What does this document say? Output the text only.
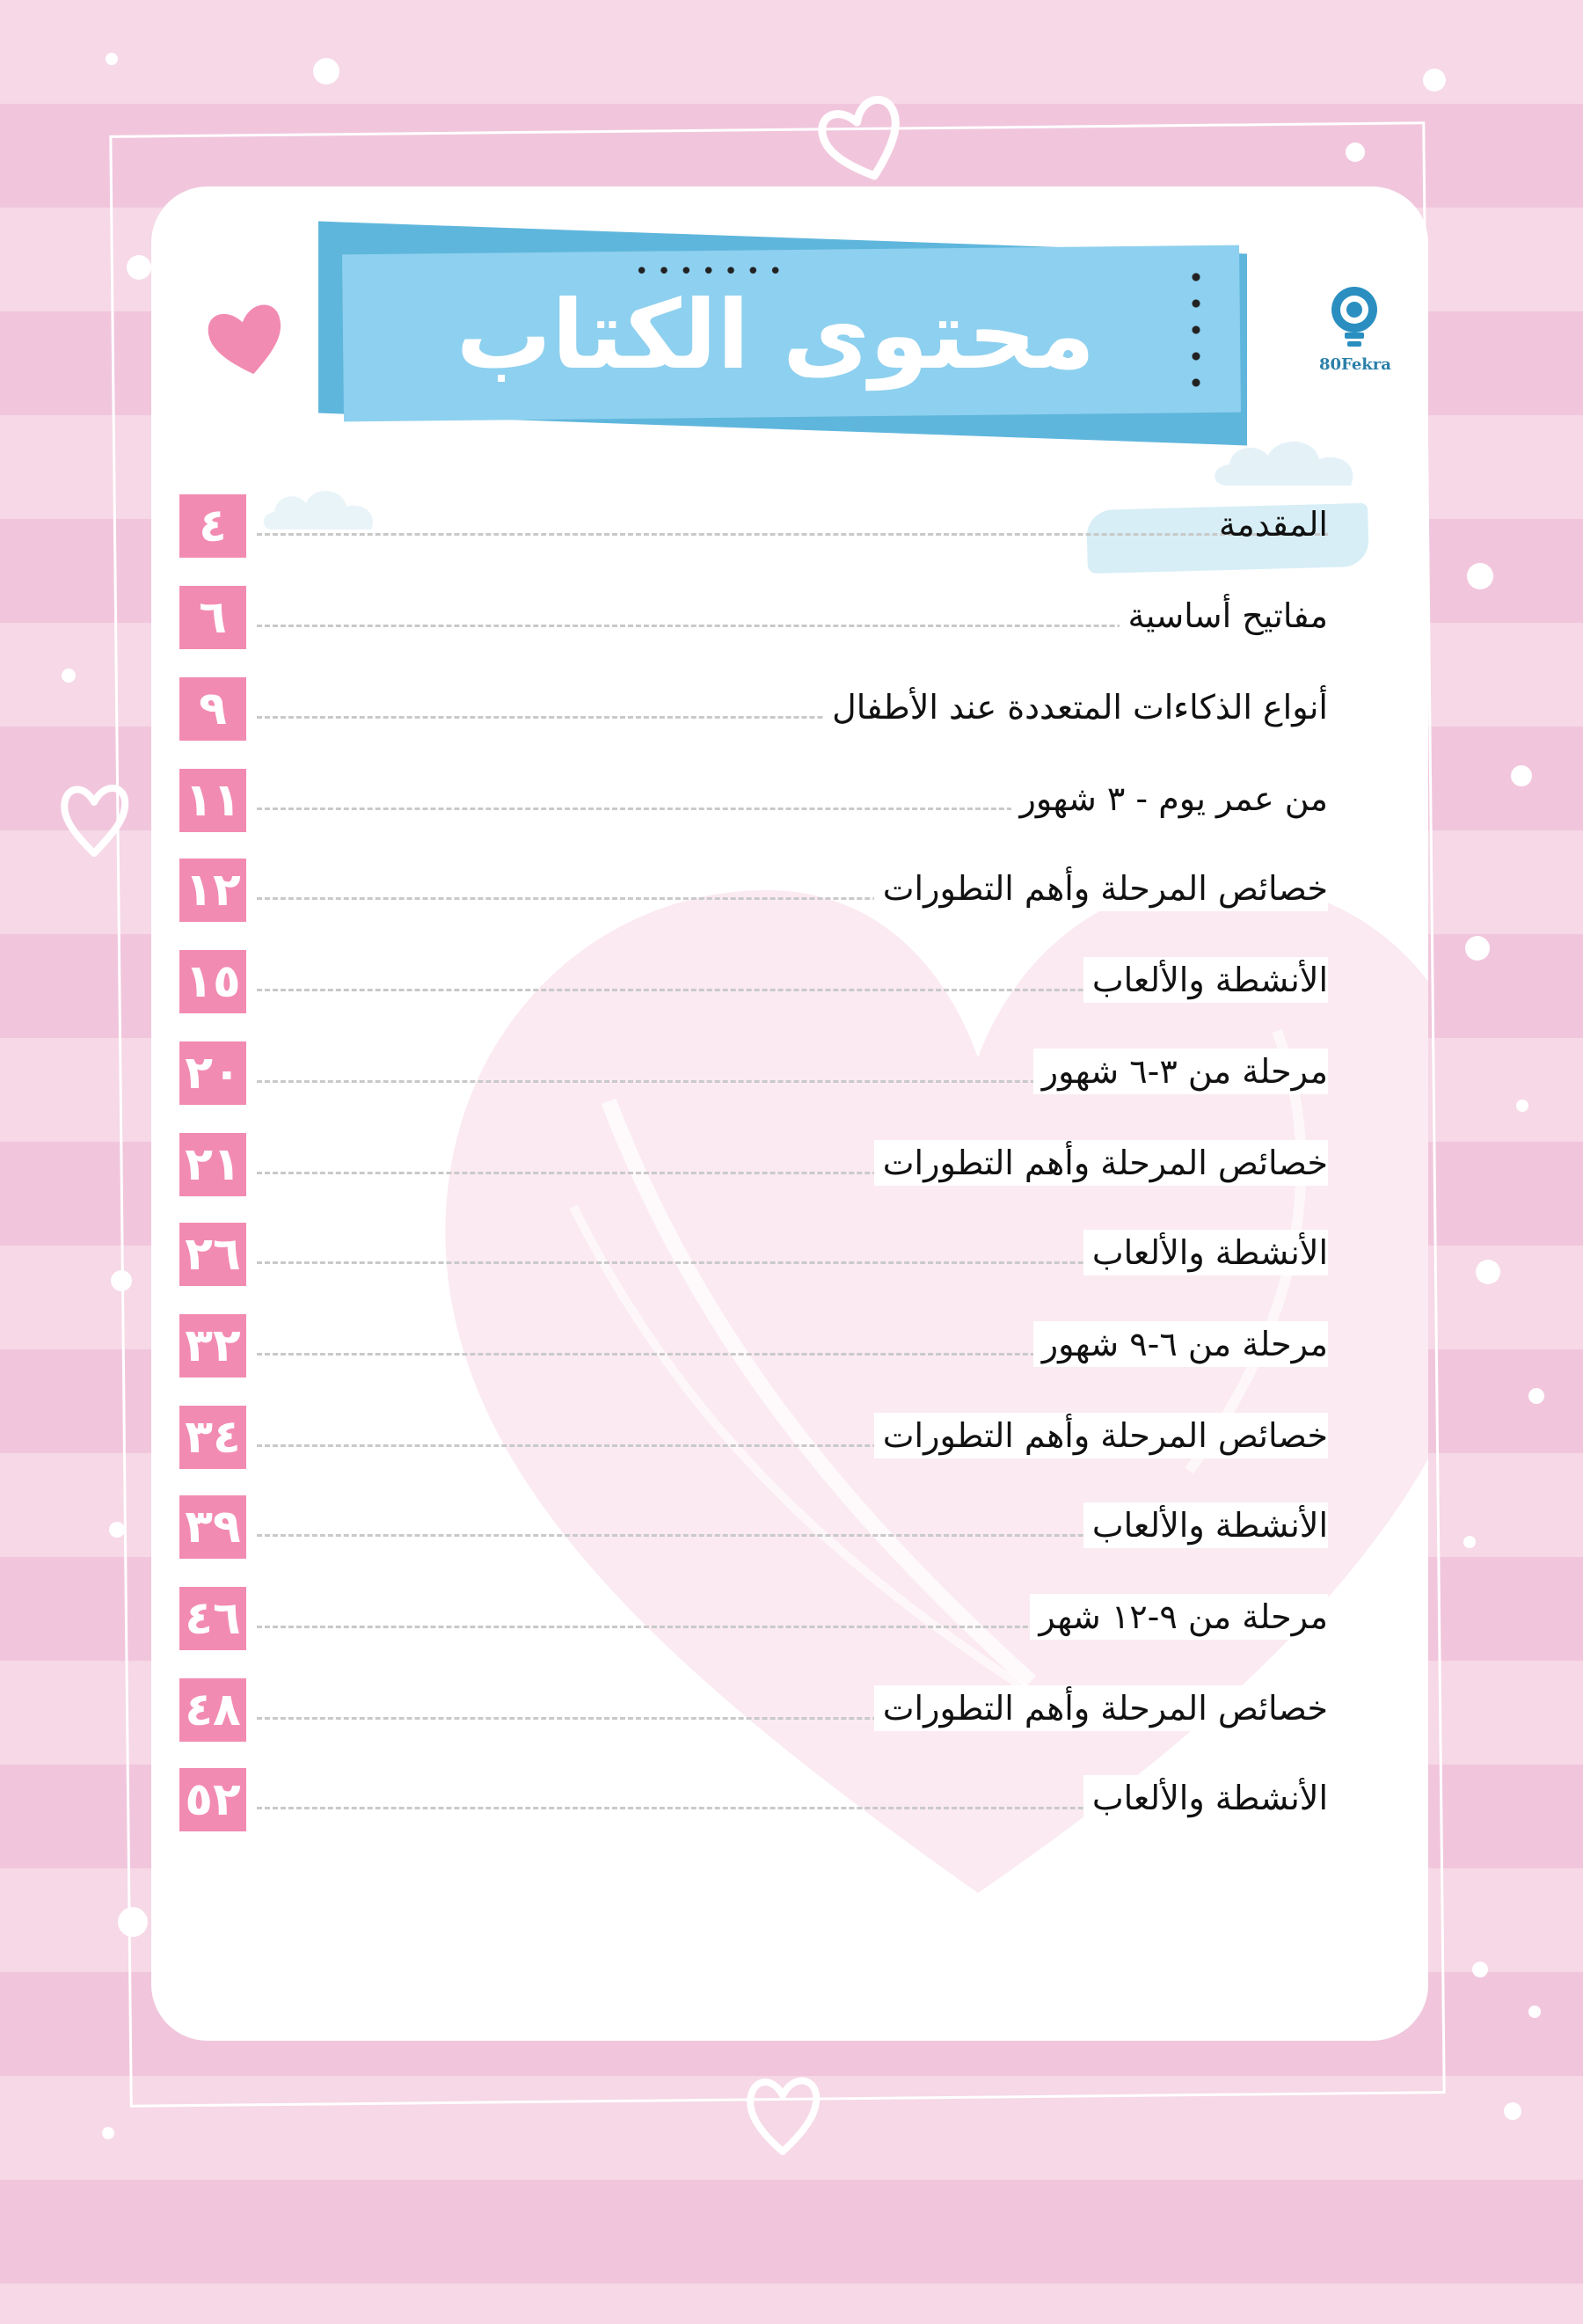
•••••••
محتوى الكتاب	80Fekra
٤	المقدمة
٦	مفاتيح أساسية
٩	أنواع الذكاءات المتعددة عند الأطفال
١١	من عمر يوم - ٣ شهور
١٢	خصائص المرحلة وأهم التطورات
١٥	الأنشطة والألعاب
٢٠	مرحلة من ٣-٦ شهور
٢١	خصائص المرحلة وأهم التطورات
٢٦	الأنشطة والألعاب
٣٢	مرحلة من ٦-٩ شهور
٣٤	خصائص المرحلة وأهم التطورات
٣٩	الأنشطة والألعاب
٤٦	مرحلة من ٩-١٢ شهر
٤٨	خصائص المرحلة وأهم التطورات
٥٢	الأنشطة والألعاب
